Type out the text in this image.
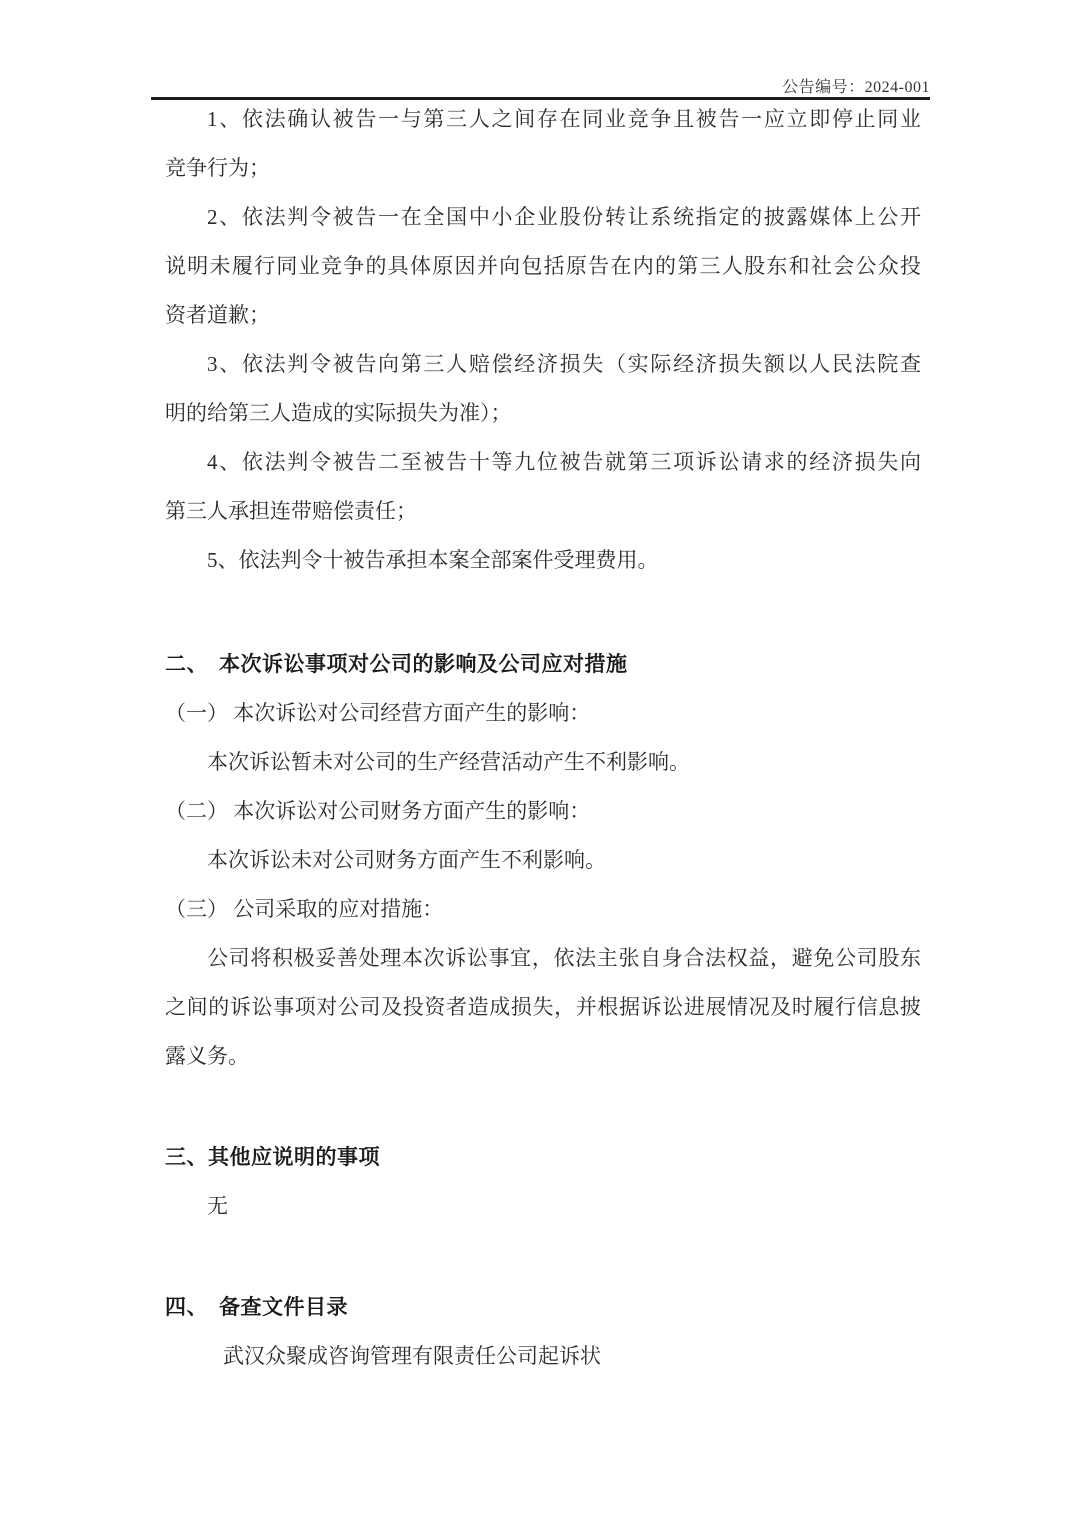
公告编号：2024-001
1、依法确认被告一与第三人之间存在同业竞争且被告一应立即停止同业
竞争行为；
2、依法判令被告一在全国中小企业股份转让系统指定的披露媒体上公开
说明未履行同业竞争的具体原因并向包括原告在内的第三人股东和社会公众投
资者道歉；
3、依法判令被告向第三人赔偿经济损失（实际经济损失额以人民法院查
明的给第三人造成的实际损失为准）；
4、依法判令被告二至被告十等九位被告就第三项诉讼请求的经济损失向
第三人承担连带赔偿责任；
5、依法判令十被告承担本案全部案件受理费用。
二、　本次诉讼事项对公司的影响及公司应对措施
（一） 本次诉讼对公司经营方面产生的影响：
本次诉讼暂未对公司的生产经营活动产生不利影响。
（二） 本次诉讼对公司财务方面产生的影响：
本次诉讼未对公司财务方面产生不利影响。
（三） 公司采取的应对措施：
公司将积极妥善处理本次诉讼事宜，依法主张自身合法权益，避免公司股东
之间的诉讼事项对公司及投资者造成损失，并根据诉讼进展情况及时履行信息披
露义务。
三、其他应说明的事项
无
四、　备查文件目录
武汉众聚成咨询管理有限责任公司起诉状
